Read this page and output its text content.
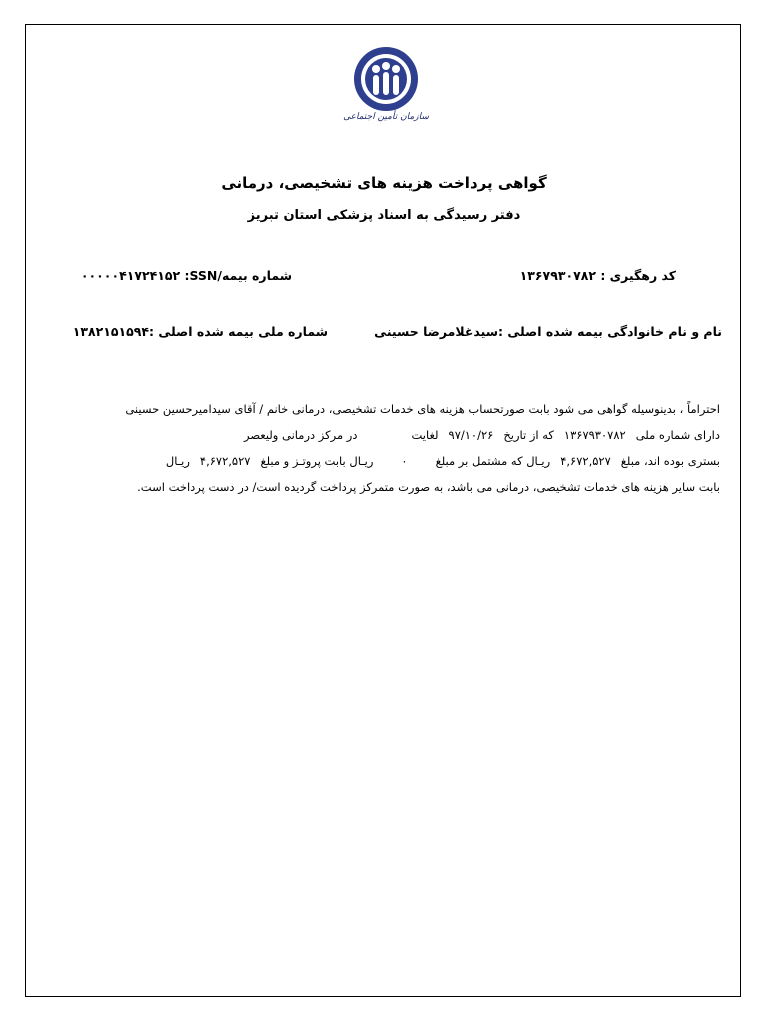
سازمان تأمین اجتماعی
گواهی پرداخت هزینه های تشخیصی، درمانی
دفتر رسیدگی به اسناد پزشکی استان تبریز
کد رهگیری : ۱۳۶۷۹۳۰۷۸۲
شماره بیمه/SSN: ۰۰۰۰۰۴۱۷۲۴۱۵۲
نام و نام خانوادگی بیمه شده اصلی :سیدغلامرضا حسینی
شماره ملی بیمه شده اصلی :۱۳۸۲۱۵۱۵۹۴
احتراماً ، بدینوسیله گواهی می شود بابت صورتحساب هزینه های خدمات تشخیصی، درمانی خانم / آقای سیدامیرحسین حسینی
دارای شماره ملی۱۳۶۷۹۳۰۷۸۲که از تاریخ۹۷/۱۰/۲۶لغایتدر مرکز درمانی ولیعصر
بستری بوده اند، مبلغ۴,۶۷۲,۵۲۷ریـال که مشتمل بر مبلغ۰ریـال بابت پروتـز و مبلغ۴,۶۷۲,۵۲۷ریـال
بابت سایر هزینه های خدمات تشخیصی، درمانی می باشد، به صورت متمرکز پرداخت گردیده است/ در دست پرداخت است.
